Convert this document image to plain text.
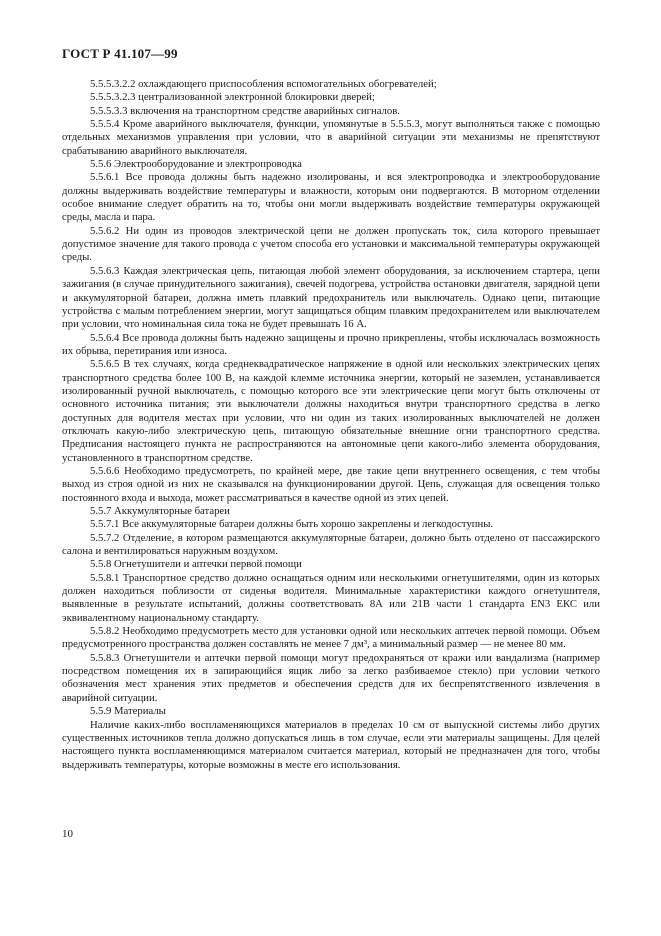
ГОСТ Р 41.107—99

5.5.5.3.2.2 охлаждающего приспособления вспомогательных обогревателей;

5.5.5.3.2.3 централизованной электронной блокировки дверей;

5.5.5.3.3 включения на транспортном средстве аварийных сигналов.

5.5.5.4 Кроме аварийного выключателя, функции, упомянутые в 5.5.5.3, могут выполняться также с помощью отдельных механизмов управления при условии, что в аварийной ситуации эти механизмы не препятствуют срабатыванию аварийного выключателя.

5.5.6 Электрооборудование и электропроводка

5.5.6.1 Все провода должны быть надежно изолированы, и вся электропроводка и электрооборудование должны выдерживать воздействие температуры и влажности, которым они подвергаются. В моторном отделении особое внимание следует обратить на то, чтобы они могли выдерживать воздействие температуры окружающей среды, масла и пара.

5.5.6.2 Ни один из проводов электрической цепи не должен пропускать ток, сила которого превышает допустимое значение для такого провода с учетом способа его установки и максимальной температуры окружающей среды.

5.5.6.3 Каждая электрическая цепь, питающая любой элемент оборудования, за исключением стартера, цепи зажигания (в случае принудительного зажигания), свечей подогрева, устройства остановки двигателя, зарядной цепи и аккумуляторной батареи, должна иметь плавкий предохранитель или выключатель. Однако цепи, питающие устройства с малым потреблением энергии, могут защищаться общим плавким предохранителем или выключателем при условии, что номинальная сила тока не будет превышать 16 А.

5.5.6.4 Все провода должны быть надежно защищены и прочно прикреплены, чтобы исключалась возможность их обрыва, перетирания или износа.

5.5.6.5 В тех случаях, когда среднеквадратическое напряжение в одной или нескольких электрических цепях транспортного средства более 100 В, на каждой клемме источника энергии, который не заземлен, устанавливается изолированный ручной выключатель, с помощью которого все эти электрические цепи могут быть отключены от основного источника питания; эти выключатели должны находиться внутри транспортного средства в легко доступных для водителя местах при условии, что ни один из таких изолированных выключателей не должен отключать какую-либо электрическую цепь, питающую обязательные внешние огни транспортного средства. Предписания настоящего пункта не распространяются на автономные цепи какого-либо элемента оборудования, установленного в транспортном средстве.

5.5.6.6 Необходимо предусмотреть, по крайней мере, две такие цепи внутреннего освещения, с тем чтобы выход из строя одной из них не сказывался на функционировании другой. Цепь, служащая для освещения только постоянного входа и выхода, может рассматриваться в качестве одной из этих цепей.

5.5.7 Аккумуляторные батареи

5.5.7.1 Все аккумуляторные батареи должны быть хорошо закреплены и легкодоступны.

5.5.7.2 Отделение, в котором размещаются аккумуляторные батареи, должно быть отделено от пассажирского салона и вентилироваться наружным воздухом.

5.5.8 Огнетушители и аптечки первой помощи

5.5.8.1 Транспортное средство должно оснащаться одним или несколькими огнетушителями, один из которых должен находиться поблизости от сиденья водителя. Минимальные характеристики каждого огнетушителя, выявленные в результате испытаний, должны соответствовать 8А или 21В части 1 стандарта EN3 ЕКС или эквивалентному национальному стандарту.

5.5.8.2 Необходимо предусмотреть место для установки одной или нескольких аптечек первой помощи. Объем предусмотренного пространства должен составлять не менее 7 дм³, а минимальный размер — не менее 80 мм.

5.5.8.3 Огнетушители и аптечки первой помощи могут предохраняться от кражи или вандализма (например посредством помещения их в запирающийся ящик либо за легко разбиваемое стекло) при условии четкого обозначения мест хранения этих предметов и обеспечения средств для их беспрепятственного извлечения в аварийной ситуации.

5.5.9 Материалы

Наличие каких-либо воспламеняющихся материалов в пределах 10 см от выпускной системы либо других существенных источников тепла должно допускаться лишь в том случае, если эти материалы защищены. Для целей настоящего пункта воспламеняющимся материалом считается материал, который не предназначен для того, чтобы выдерживать температуры, которые возможны в месте его использования.

10
